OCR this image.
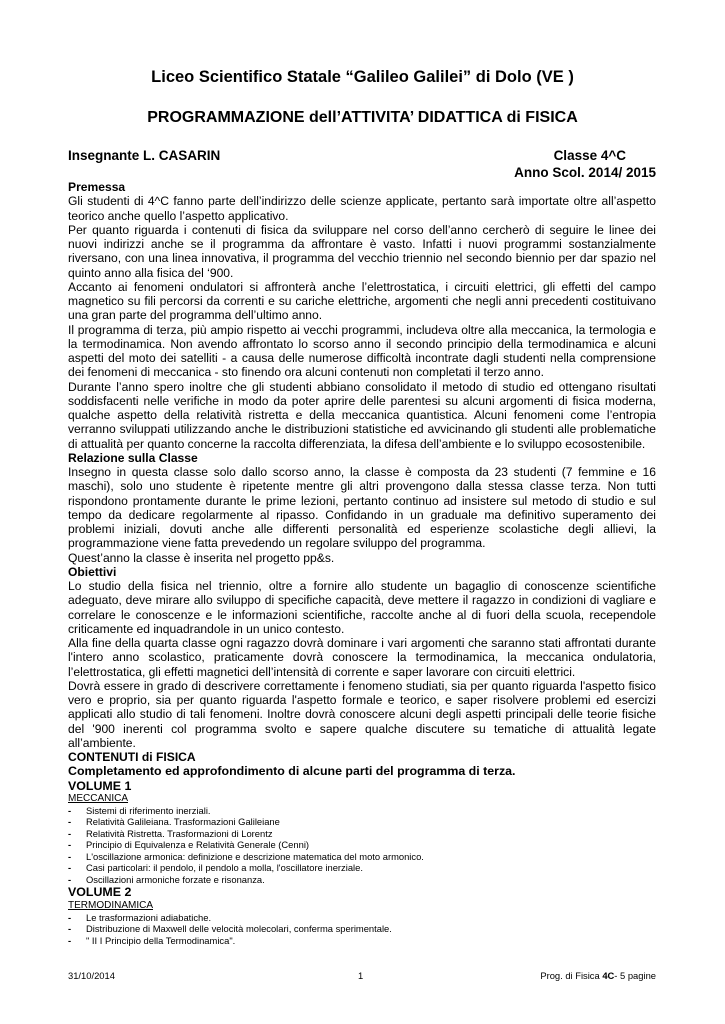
Liceo Scientifico Statale “Galileo Galilei” di Dolo (VE )
PROGRAMMAZIONE dell’ATTIVITA’ DIDATTICA di FISICA
Insegnante L. CASARIN	Classe 4^C
Anno Scol. 2014/ 2015

Premessa

Gli studenti di 4^C fanno parte dell’indirizzo delle scienze applicate, pertanto sarà importate oltre all’aspetto teorico anche quello l’aspetto applicativo.

Per quanto riguarda i contenuti di fisica da sviluppare nel corso dell’anno cercherò di seguire le linee dei nuovi indirizzi anche se il programma da affrontare è vasto. Infatti i nuovi programmi sostanzialmente riversano, con una linea innovativa, il programma del vecchio triennio nel secondo biennio per dar spazio nel quinto anno alla fisica del ‘900.

Accanto ai fenomeni ondulatori si affronterà anche l’elettrostatica, i circuiti elettrici, gli effetti del campo magnetico su fili percorsi da correnti e su cariche elettriche, argomenti che negli anni precedenti costituivano una gran parte del programma dell’ultimo anno.

Il programma di terza, più ampio rispetto ai vecchi programmi, includeva oltre alla meccanica, la termologia e la termodinamica. Non avendo affrontato lo scorso anno il secondo principio della termodinamica e alcuni aspetti del moto dei satelliti - a causa delle numerose difficoltà incontrate dagli studenti nella comprensione dei fenomeni di meccanica - sto finendo ora alcuni contenuti non completati il terzo anno.

Durante l’anno spero inoltre che gli studenti abbiano consolidato il metodo di studio ed ottengano risultati soddisfacenti nelle verifiche in modo da poter aprire delle parentesi su alcuni argomenti di fisica moderna, qualche aspetto della relatività ristretta e della meccanica quantistica. Alcuni fenomeni come l’entropia verranno sviluppati utilizzando anche le distribuzioni statistiche ed avvicinando gli studenti alle problematiche di attualità per quanto concerne la raccolta differenziata, la difesa dell’ambiente e lo sviluppo ecosostenibile.

Relazione sulla Classe

Insegno in questa classe solo dallo scorso anno, la classe è composta da 23 studenti (7 femmine e 16 maschi), solo uno studente è ripetente mentre gli altri provengono dalla stessa classe terza. Non tutti rispondono prontamente durante le prime lezioni, pertanto continuo ad insistere sul metodo di studio e sul tempo da dedicare regolarmente al ripasso. Confidando in un graduale ma definitivo superamento dei problemi iniziali, dovuti anche alle differenti personalità ed esperienze scolastiche degli allievi, la programmazione viene fatta prevedendo un regolare sviluppo del programma.

Quest’anno la classe è inserita nel progetto pp&s.

Obiettivi

Lo studio della fisica nel triennio, oltre a fornire allo studente un bagaglio di conoscenze scientifiche adeguato, deve mirare allo sviluppo di specifiche capacità, deve mettere il ragazzo in condizioni di vagliare e correlare le conoscenze e le informazioni scientifiche, raccolte anche al di fuori della scuola, recependole criticamente ed inquadrandole in un unico contesto.

Alla fine della quarta classe ogni ragazzo dovrà dominare i vari argomenti che saranno stati affrontati durante l'intero anno scolastico, praticamente dovrà conoscere la termodinamica, la meccanica ondulatoria, l’elettrostatica, gli effetti magnetici dell’intensità di corrente e saper lavorare con circuiti elettrici.

Dovrà essere in grado di descrivere correttamente i fenomeno studiati, sia per quanto riguarda l'aspetto fisico vero e proprio, sia per quanto riguarda l'aspetto formale e teorico, e saper risolvere problemi ed esercizi applicati allo studio di tali fenomeni. Inoltre dovrà conoscere alcuni degli aspetti principali delle teorie fisiche del '900 inerenti col programma svolto e sapere qualche discutere su tematiche di attualità legate all’ambiente.

CONTENUTI di FISICA

Completamento ed approfondimento di alcune parti del programma di terza.

VOLUME 1

MECCANICA

- Sistemi di riferimento inerziali.
- Relatività Galileiana. Trasformazioni Galileiane
- Relatività Ristretta. Trasformazioni di Lorentz
- Principio di Equivalenza e Relatività Generale (Cenni)
- L'oscillazione armonica: definizione e descrizione matematica del moto armonico.
- Casi particolari: il pendolo, il pendolo a molla, l'oscillatore inerziale.
- Oscillazioni armoniche forzate e risonanza.

VOLUME 2

TERMODINAMICA

- Le trasformazioni adiabatiche.
- Distribuzione di Maxwell delle velocità molecolari, conferma sperimentale.
- " II I Principio della Termodinamica".
31/10/2014	1	Prog. di Fisica 4C- 5 pagine
